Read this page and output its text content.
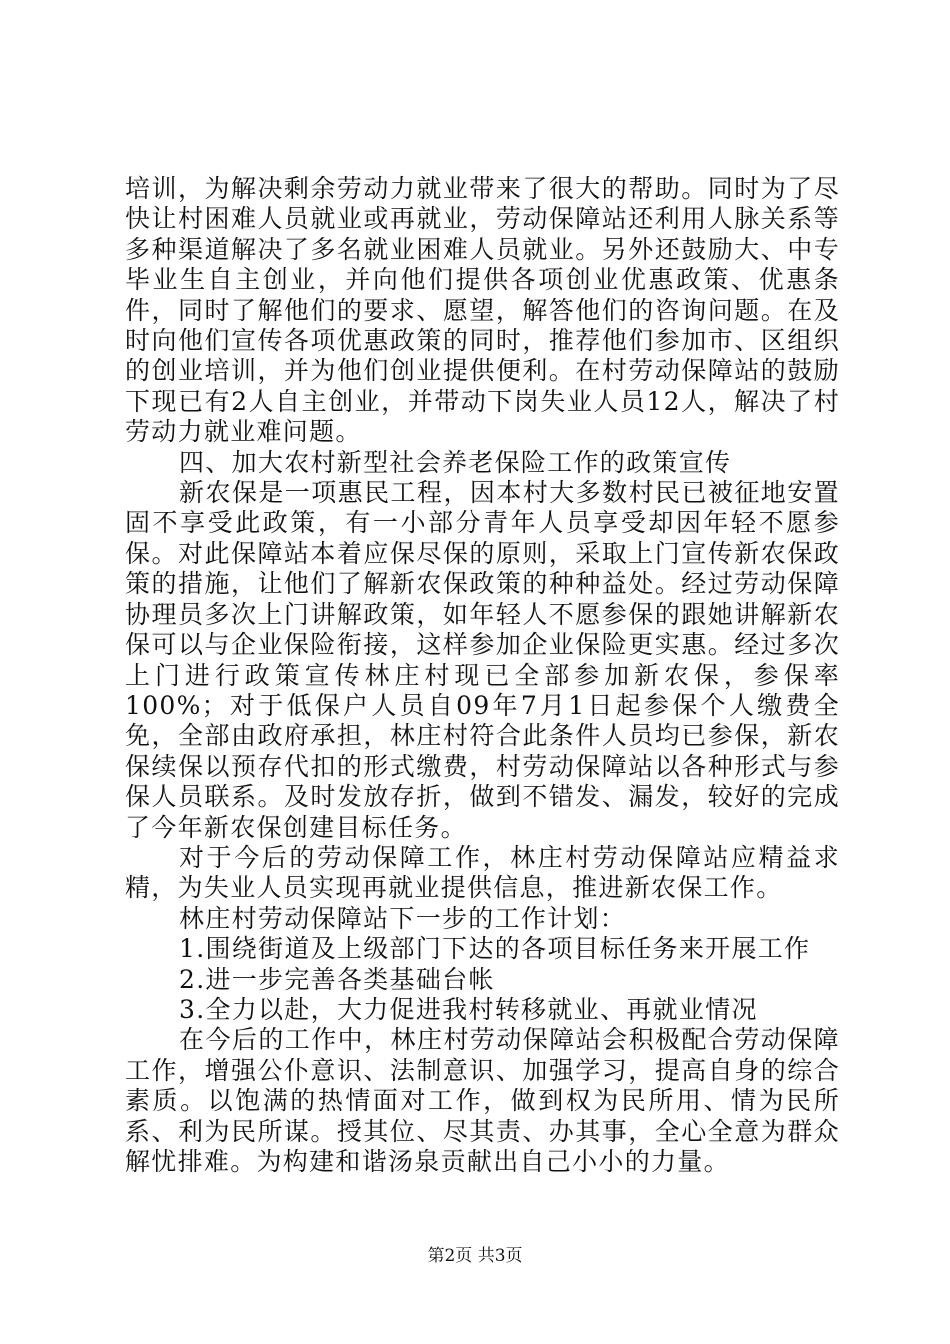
培训，为解决剩余劳动力就业带来了很大的帮助。同时为了尽快让村困难人员就业或再就业，劳动保障站还利用人脉关系等多种渠道解决了多名就业困难人员就业。另外还鼓励大、中专毕业生自主创业，并向他们提供各项创业优惠政策、优惠条件，同时了解他们的要求、愿望，解答他们的咨询问题。在及时向他们宣传各项优惠政策的同时，推荐他们参加市、区组织的创业培训，并为他们创业提供便利。在村劳动保障站的鼓励下现已有2人自主创业，并带动下岗失业人员12人，解决了村劳动力就业难问题。

四、加大农村新型社会养老保险工作的政策宣传

新农保是一项惠民工程，因本村大多数村民已被征地安置固不享受此政策，有一小部分青年人员享受却因年轻不愿参保。对此保障站本着应保尽保的原则，采取上门宣传新农保政策的措施，让他们了解新农保政策的种种益处。经过劳动保障协理员多次上门讲解政策，如年轻人不愿参保的跟她讲解新农保可以与企业保险衔接，这样参加企业保险更实惠。经过多次上门进行政策宣传林庄村现已全部参加新农保，参保率100%；对于低保户人员自09年7月1日起参保个人缴费全免，全部由政府承担，林庄村符合此条件人员均已参保，新农保续保以预存代扣的形式缴费，村劳动保障站以各种形式与参保人员联系。及时发放存折，做到不错发、漏发，较好的完成了今年新农保创建目标任务。

对于今后的劳动保障工作，林庄村劳动保障站应精益求精，为失业人员实现再就业提供信息，推进新农保工作。

林庄村劳动保障站下一步的工作计划：

1.围绕街道及上级部门下达的各项目标任务来开展工作

2.进一步完善各类基础台帐

3.全力以赴，大力促进我村转移就业、再就业情况

在今后的工作中，林庄村劳动保障站会积极配合劳动保障工作，增强公仆意识、法制意识、加强学习，提高自身的综合素质。以饱满的热情面对工作，做到权为民所用、情为民所系、利为民所谋。授其位、尽其责、办其事，全心全意为群众解忧排难。为构建和谐汤泉贡献出自己小小的力量。

第2页 共3页
